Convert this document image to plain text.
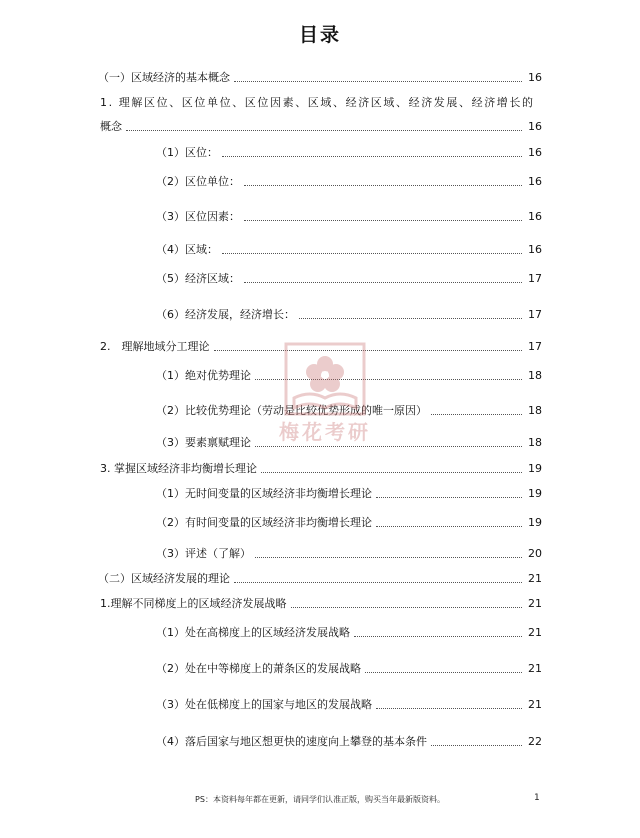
目录
（一）区域经济的基本概念	16
1. 理解区位、区位单位、区位因素、区域、经济区域、经济发展、经济增长的
概念	16
（1）区位：	16
（2）区位单位：	16
（3）区位因素：	16
（4）区域：	16
（5）经济区域：	17
（6）经济发展，经济增长：	17
2.　理解地域分工理论	17
（1）绝对优势理论	18
（2）比较优势理论（劳动是比较优势形成的唯一原因）	18
（3）要素禀赋理论	18
3. 掌握区域经济非均衡增长理论	19
（1）无时间变量的区域经济非均衡增长理论	19
（2）有时间变量的区域经济非均衡增长理论	19
（3）评述（了解）	20
（二）区域经济发展的理论	21
1.理解不同梯度上的区域经济发展战略	21
（1）处在高梯度上的区域经济发展战略	21
（2）处在中等梯度上的萧条区的发展战略	21
（3）处在低梯度上的国家与地区的发展战略	21
（4）落后国家与地区想更快的速度向上攀登的基本条件	22
梅花考研
PS：本资料每年都在更新，请同学们认准正版，购买当年最新版资料。	1
